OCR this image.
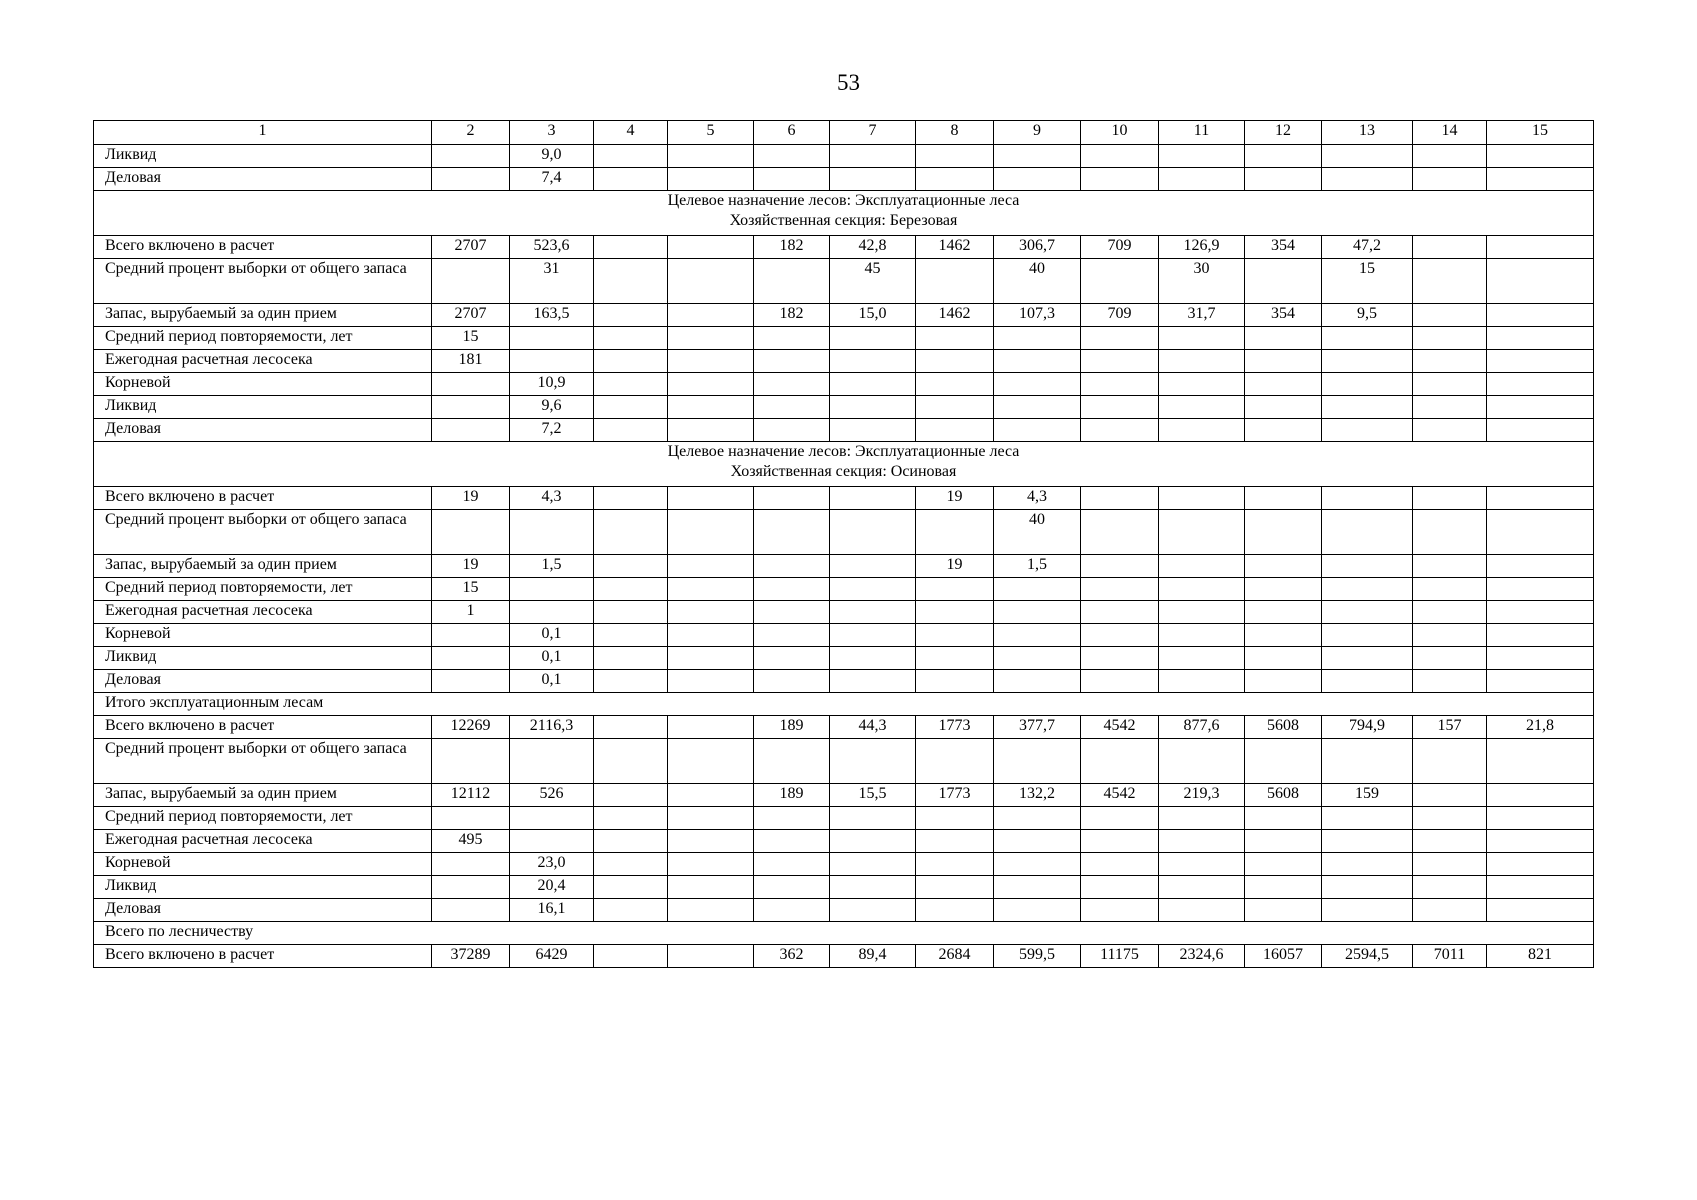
53
1	2	3	4	5	6	7	8	9	10	11	12	13	14	15
Ликвид		9,0												
Деловая		7,4												

Целевое назначение лесов: Эксплуатационные леса
Хозяйственная секция: Березовая														

Всего включено в расчет	2707	523,6			182	42,8	1462	306,7	709	126,9	354	47,2		
Средний процент выборки от общего запаса		31				45		40		30		15		
Запас, вырубаемый за один прием	2707	163,5			182	15,0	1462	107,3	709	31,7	354	9,5		
Средний период повторяемости, лет	15													
Ежегодная расчетная лесосека	181													
Корневой		10,9												
Ликвид		9,6												
Деловая		7,2												

Целевое назначение лесов: Эксплуатационные леса
Хозяйственная секция: Осиновая														

Всего включено в расчет	19	4,3					19	4,3						
Средний процент выборки от общего запаса								40						
Запас, вырубаемый за один прием	19	1,5					19	1,5						
Средний период повторяемости, лет	15													
Ежегодная расчетная лесосека	1													
Корневой		0,1												
Ликвид		0,1												
Деловая		0,1												
Итого эксплуатационным лесам														
Всего включено в расчет	12269	2116,3			189	44,3	1773	377,7	4542	877,6	5608	794,9	157	21,8
Средний процент выборки от общего запаса														
Запас, вырубаемый за один прием	12112	526			189	15,5	1773	132,2	4542	219,3	5608	159		
Средний период повторяемости, лет														
Ежегодная расчетная лесосека	495													
Корневой		23,0												
Ликвид		20,4												
Деловая		16,1												
Всего по лесничеству														
Всего включено в расчет	37289	6429			362	89,4	2684	599,5	11175	2324,6	16057	2594,5	7011	821
